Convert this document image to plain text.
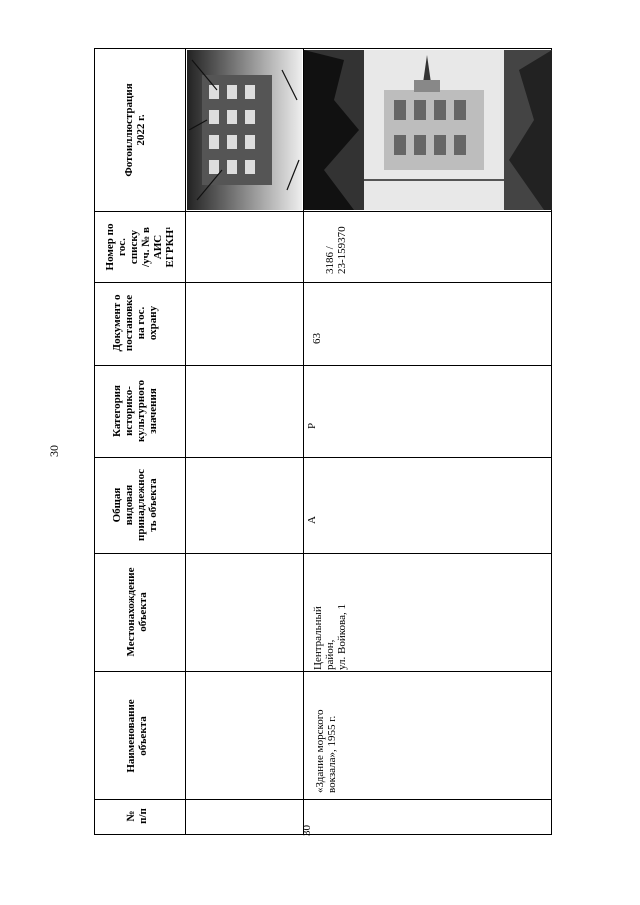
30
Фотоиллюстрация 2022 г.
Номер по гос. списку /уч. № в АИС ЕГРКН¹
Документ о постановке на гос. охрану
Категория историко- культурного значения
Общая видовая принадлежнос ть объекта
Местонахождение объекта
Наименование объекта
№ п/п
3186 / 23-159370
63
Р
А
Центральный район, ул. Войкова, 1
«Здание морского вокзала», 1955 г.
30
